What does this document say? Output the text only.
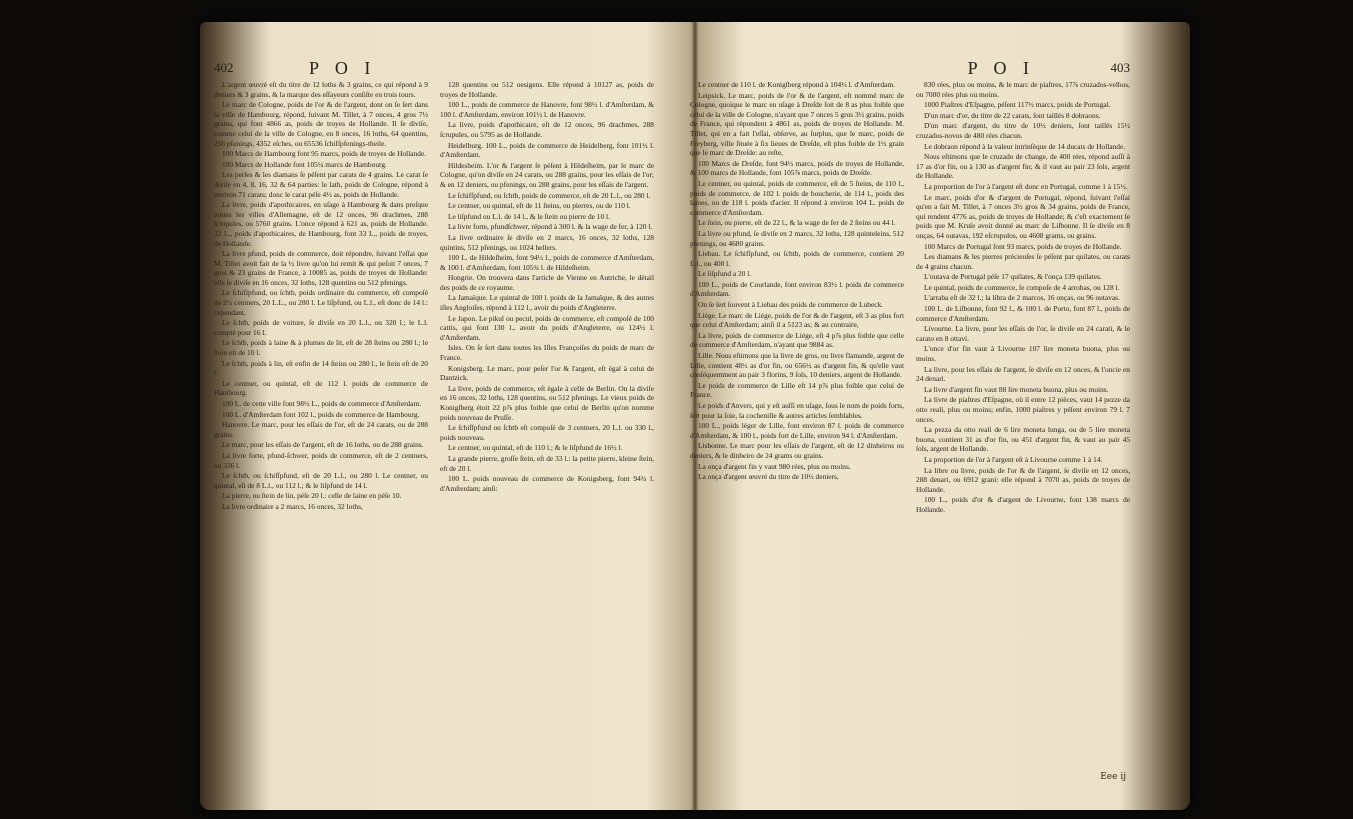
402	P O I

L'argent œuvré eſt du titre de 12 loths & 3 grains, ce qui répond à 9 deniers & 3 grains, & la marque des eſſayeurs conſiſte en trois tours.

Le marc de Cologne, poids de l'or & de l'argent, dont on ſe ſert dans la ville de Hambourg, répond, ſuivant M. Tillet, à 7 onces, 4 gros 7½ grains, qui font 4866 as, poids de troyes de Hollande. Il ſe diviſe, comme celui de la ville de Cologne, en 8 onces, 16 loths, 64 quentins, 256 pfenings, 4352 eſches, ou 65536 ſchifſpfenings-theile.

100 Marcs de Hambourg font 95 marcs, poids de troyes de Hollande.

100 Marcs de Hollande font 105¼ marcs de Hambourg.

Les perles & les diamans ſe péſent par carats de 4 grains. Le carat ſe diviſe en 4, 8, 16, 32 & 64 parties: le lath, poids de Cologne, répond à environ 71 carats; donc le carat péſe 4½ as, poids de Hollande.

La livre, poids d'apothicaires, en uſage à Hambourg & dans preſque toutes les villes d'Allemagne, eſt de 12 onces, 96 drachmes, 288 ſcrupules, ou 5760 grains. L'once répond à 621 as, poids de Hollande. 32 L., poids d'apothicaires, de Hambourg, font 33 L., poids de troyes, de Hollande.

La livre pfund, poids de commerce, doit répondre, ſuivant l'eſſai que M. Tillet avoit fait de la ½ livre qu'on lui remit & qui peſoit 7 onces, 7 gros & 23 grains de France, à 10085 as, poids de troyes de Hollande: elle ſe diviſe en 16 onces, 32 loths, 128 quentins ou 512 pfenings.

Le ſchifſpfund, ou ſchtb, poids ordinaire du commerce, eſt compoſé de 2½ centners, 20 L.L., ou 280 l. Le liſpfund, ou L.l., eſt donc de 14 l.: cependant,

Le ſchtb, poids de voiture, ſe diviſe en 20 L.l., ou 320 l.; le L.l. compté pour 16 l.

Le ſchtb, poids à laine & à plumes de lit, eſt de 28 ſteins ou 280 l.; le ſtein eſt de 10 l.

Le ſchtb, poids à lin, eſt enfin de 14 ſteins ou 280 l., le ſtein eſt de 20 l.

Le centner, ou quintal, eſt de 112 l. poids de commerce de Hambourg.

100 L. de cette ville font 98½ L., poids de commerce d'Amſterdam.

100 L. d'Amſterdam font 102 l., poids de commerce de Hambourg.

Hanovre. Le marc, pour les eſſais de l'or, eſt de 24 carats, ou de 288 grains.

Le marc, pour les eſſais de l'argent, eſt de 16 loths, ou de 288 grains.

La livre forte, pfund-ſchwer, poids de commerce, eſt de 2 centners, ou 336 l.

Le ſchtb, ou ſchifſpfund, eſt de 20 L.l., ou 280 l. Le centner, ou quintal, eſt de 8 L.l., ou 112 l.; & le liſpfund de 14 l.

La pierre, ou ſtein de lin, péſe 20 l.: celle de laine en péſe 10.

La livre ordinaire a 2 marcs, 16 onces, 32 loths,

128 quentins ou 512 oesigens. Elle répond à 10127 as, poids de troyes de Hollande.

100 L., poids de commerce de Hanovre, font 98½ l. d'Amſterdam, & 100 l. d'Amſterdam, environ 101½ l. de Hanovre.

La livre, poids d'apothicaire, eſt de 12 onces, 96 drachmes, 288 ſcrupules, ou 5795 as de Hollande.

Heidelburg. 100 L., poids de commerce de Heidelberg, font 101½ l. d'Amſterdam.

Hildesheim. L'or & l'argent ſe péſent à Hildeſheim, par le marc de Cologne, qu'on diviſe en 24 carats, ou 288 grains, pour les eſſais de l'or; & en 12 deniers, ou pfenings, ou 288 grains, pour les eſſais de l'argent.

Le ſchifſpfund, ou ſchtb, poids de commerce, eſt de 20 L.l., ou 280 l.

Le centner, ou quintal, eſt de 11 ſteins, ou pierres, ou de 110 l.

Le liſpfund ou L.l. de 14 l., & le ſtein ou pierre de 10 l.

La livre forte, pfundſchwer, répond à 300 l. & la wage de fer, à 120 l.

La livre ordinaire ſe diviſe en 2 marcs, 16 onces, 32 loths, 128 quintins, 512 pfenings, ou 1024 hellers.

100 L. de Hildeſheim, font 94½ l., poids de commerce d'Amſterdam, & 100 l. d'Amſterdam, font 105¾ l. de Hildeſheim.

Hongrie. On trouvera dans l'article de Vienne en Autriche, le détail des poids de ce royaume.

La Jamaïque. Le quintal de 100 l. poids de la Jamaïque, & des autres iſles Angloiſes, répond à 112 l., avoir du poids d'Angleterre.

Le Japon. Le pikul ou pecul, poids de commerce, eſt compoſé de 100 cattis, qui font 130 l., avoir du poids d'Angleterre, ou 124½ l. d'Amſterdam.

Isles. On ſe ſert dans toutes les Iſles Françoiſes du poids de marc de France.

Konigsberg. Le marc, pour peſer l'or & l'argent, eſt égal à celui de Dantzick.

La livre, poids de commerce, eſt égale à celle de Berlin. On la diviſe en 16 onces, 32 loths, 128 quentins, ou 512 pfenings. Le vieux poids de Konigſberg étoit 22 p⅞ plus foible que celui de Berlin qu'on nomme poids nouveau de Pruſſe.

Le ſchifſpfund ou ſchtb eſt compoſé de 3 centners, 20 L.l. ou 330 l., poids nouveau.

Le centner, ou quintal, eſt de 110 l.; & le liſpfund de 16½ l.

La grande pierre, groſſe ſtein, eſt de 33 l.: la petite pierre, kleine ſtein, eſt de 20 l.

100 L. poids nouveau de commerce de Konigsberg, font 94¾ l. d'Amſterdam; ainſi:

P O I	403

Le centner de 110 l. de Konigſberg répond à 104½ l. d'Amſterdam.

Leipsick. Le marc, poids de l'or & de l'argent, eſt nommé marc de Cologne, quoique le marc en uſage à Dreſde ſoit de 8 as plus foible que celui de la ville de Cologne, n'ayant que 7 onces 5 gros 3½ grains, poids de France, qui répondent à 4861 as, poids de troyes de Hollande. M. Tillet, qui en a fait l'eſſai, obſerve, au ſurplus, que le marc, poids de Freyberg, ville ſituée à ſix lieues de Dreſde, eſt plus foible de 1½ grain que le marc de Dreſde: au reſte,

100 Marcs de Dreſde, font 94½ marcs, poids de troyes de Hollande, & 100 marcs de Hollande, font 105⅞ marcs, poids de Dreſde.

Le centner, ou quintal, poids de commerce, eſt de 5 ſteins, de 110 l., poids de commerce, de 102 l. poids de boucherie, de 114 l., poids des laines, ou de 118 l. poids d'acier. Il répond à environ 104 L. poids de commerce d'Amſterdam.

Le ſtein, ou pierre, eſt de 22 l., & la wage de fer de 2 ſteins ou 44 l.

La livre ou pfund, ſe diviſe en 2 marcs, 32 loths, 128 quinteleins, 512 pfenings, ou 4680 grains.

Liebau. Le ſchifſpfund, ou ſchtb, poids de commerce, contient 20 L.l., ou 400 l.

Le liſpfund a 20 l.

100 L., poids de Courlande, font environ 83½ l. poids de commerce d'Amſterdam.

On ſe ſert ſouvent à Liebau des poids de commerce de Lubeck.

Liége. Le marc de Liége, poids de l'or & de l'argent, eſt 3 as plus fort que celui d'Amſterdam; ainſi il a 5123 as; & au contraire,

La livre, poids de commerce de Liége, eſt 4 p⅞ plus foible que celle de commerce d'Amſterdam, n'ayant que 9884 as.

Lille. Nous eſtimons que la livre de gros, ou livre flamande, argent de Lille, contient 48½ as d'or fin, ou 656½ as d'argent fin, & qu'elle vaut conſéquemment au pair 3 florins, 9 ſols, 10 deniers, argent de Hollande.

Le poids de commerce de Lille eſt 14 p⅞ plus foible que celui de France.

Le poids d'Anvers, qui y eſt auſſi en uſage, ſous le nom de poids forts, ſert pour la ſoie, la cochenille & autres articles ſemblables.

100 L., poids léger de Lille, font environ 87 l. poids de commerce d'Amſterdam, & 100 l., poids fort de Lille, environ 94 l. d'Amſterdam.

Lisbonne. Le marc pour les eſſais de l'argent, eſt de 12 dinheiros ou deniers, & le dinheiro de 24 grams ou grains.

La onça d'argent fin y vaut 980 rées, plus ou moins.

La onça d'argent œuvré du titre de 10½ deniers,

830 rées, plus ou moins, & le marc de piaſtres, 17⅞ cruzados-velhos, ou 7000 rées plus ou moins.

1000 Piaſtres d'Eſpagne, péſent 117½ marcs, poids de Portugal.

D'un marc d'or, du titre de 22 carats, ſont taillés 8 dobraons.

D'un marc d'argent, du titre de 10½ deniers, ſont taillés 15½ cruzados-novos de 480 rées chacun.

Le dobraon répond à la valeur intrinſèque de 14 ducats de Hollande.

Nous eſtimons que le cruzado de change, de 400 rées, répond auſſi à 17 as d'or fin, ou à 130 as d'argent fin; & il vaut au pair 23 ſols, argent de Hollande.

La proportion de l'or à l'argent eſt donc en Portugal, comme 1 à 15½.

Le marc, poids d'or & d'argent de Portugal, répond, ſuivant l'eſſai qu'en a fait M. Tillet, à 7 onces 3½ gros & 34 grains, poids de France, qui rendent 4776 as, poids de troyes de Hollande; & c'eſt exactement le poids que M. Kruſe avoit donné au marc de Liſbonne. Il ſe diviſe en 8 onças, 64 outavas, 192 eſcrupulos, ou 4608 grams, ou grains.

100 Marcs de Portugal font 93 marcs, poids de troyes de Hollande.

Les diamans & les pierres précieuſes ſe péſent par quilates, ou carats de 4 grains chacun.

L'outava de Portugal péſe 17 quilates, & l'onça 139 quilates.

Le quintal, poids de commerce, ſe compoſe de 4 arrobas, ou 128 l.

L'arraba eſt de 32 l.; la libra de 2 marcos, 16 onças, ou 96 outavas.

100 L. de Liſbonne, font 92 l., & 100 l. de Porto, font 87 l., poids de commerce d'Amſterdam.

Livourne. La livre, pour les eſſais de l'or, ſe diviſe en 24 carati, & le carato en 8 ottavi.

L'once d'or fin vaut à Livourne 107 lire moneta buona, plus ou moins.

La livre, pour les eſſais de l'argent, ſe diviſe en 12 onces, & l'oncie en 24 denari.

La livre d'argent fin vaut 88 lire moneta buona, plus ou moins.

La livre de piaſtres d'Eſpagne, où il entre 12 pièces, vaut 14 pezze da otto reali, plus ou moins; enfin, 1000 piaſtres y péſent environ 79 l. 7 onces.

La pezza da otto reali de 6 lire moneta lunga, ou de 5 lire moneta buona, contient 31 as d'or fin, ou 451 d'argent fin, & vaut au pair 45 ſols, argent de Hollande.

La proportion de l'or à l'argent eſt à Livourne comme 1 à 14.

La libre ou livre, poids de l'or & de l'argent, ſe diviſe en 12 onces, 288 denari, ou 6912 grani: elle répond à 7070 as, poids de troyes de Hollande.

100 L., poids d'or & d'argent de Livourne, font 138 marcs de Hollande.

Eee ij
